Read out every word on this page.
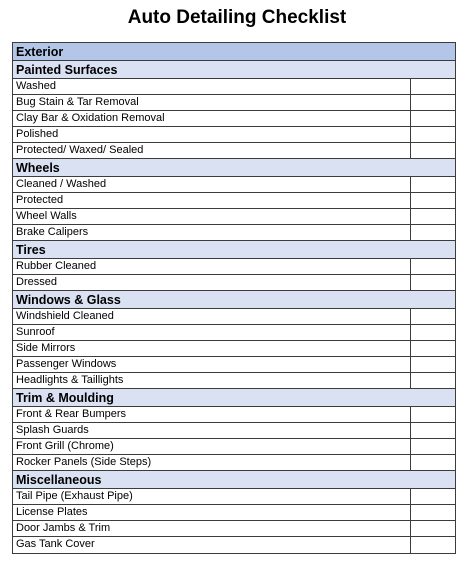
Auto Detailing Checklist
Exterior
Painted Surfaces
Washed
Bug Stain & Tar Removal
Clay Bar & Oxidation Removal
Polished
Protected/ Waxed/ Sealed
Wheels
Cleaned / Washed
Protected
Wheel Walls
Brake Calipers
Tires
Rubber Cleaned
Dressed
Windows & Glass
Windshield Cleaned
Sunroof
Side Mirrors
Passenger Windows
Headlights & Taillights
Trim & Moulding
Front & Rear Bumpers
Splash Guards
Front Grill (Chrome)
Rocker Panels (Side Steps)
Miscellaneous
Tail Pipe (Exhaust Pipe)
License Plates
Door Jambs & Trim
Gas Tank Cover
